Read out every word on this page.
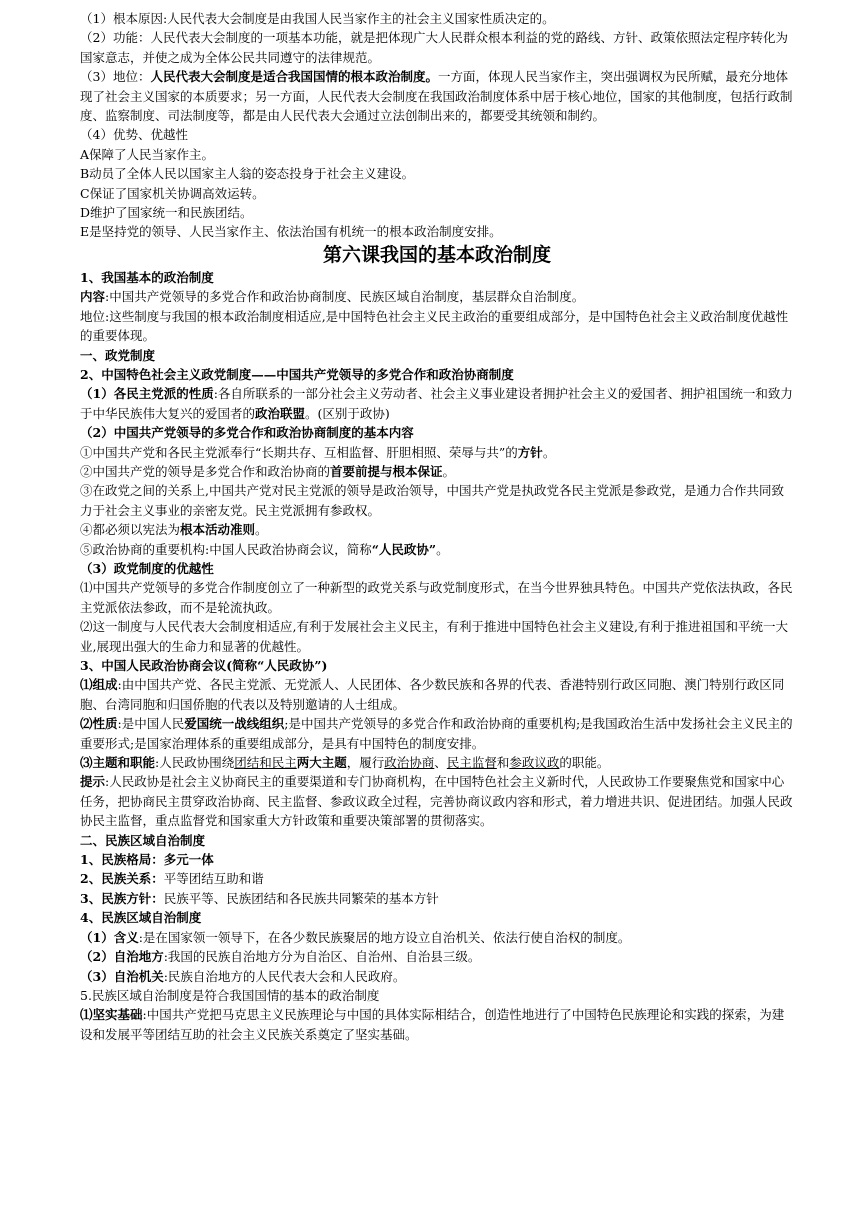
（1）根本原因:人民代表大会制度是由我国人民当家作主的社会主义国家性质决定的。

（2）功能：人民代表大会制度的一项基本功能，就是把体现广大人民群众根本利益的党的路线、方针、政策依照法定程序转化为国家意志，并使之成为全体公民共同遵守的法律规范。

（3）地位：人民代表大会制度是适合我国国情的根本政治制度。一方面，体现人民当家作主，突出强调权为民所赋，最充分地体现了社会主义国家的本质要求；另一方面，人民代表大会制度在我国政治制度体系中居于核心地位，国家的其他制度，包括行政制度、监察制度、司法制度等，都是由人民代表大会通过立法创制出来的，都要受其统领和制约。

（4）优势、优越性

A保障了人民当家作主。

B动员了全体人民以国家主人翁的姿态投身于社会主义建设。

C保证了国家机关协调高效运转。

D维护了国家统一和民族团结。

E是坚持党的领导、人民当家作主、依法治国有机统一的根本政治制度安排。

第六课我国的基本政治制度

1、我国基本的政治制度

内容:中国共产党领导的多党合作和政治协商制度、民族区域自治制度，基层群众自治制度。

地位:这些制度与我国的根本政治制度相适应,是中国特色社会主义民主政治的重要组成部分，是中国特色社会主义政治制度优越性的重要体现。

一、政党制度

2、中国特色社会主义政党制度——中国共产党领导的多党合作和政治协商制度

（1）各民主党派的性质:各自所联系的一部分社会主义劳动者、社会主义事业建设者拥护社会主义的爱国者、拥护祖国统一和致力于中华民族伟大复兴的爱国者的政治联盟。(区别于政协)

（2）中国共产党领导的多党合作和政治协商制度的基本内容

①中国共产党和各民主党派奉行“长期共存、互相监督、肝胆相照、荣辱与共”的方针。

②中国共产党的领导是多党合作和政治协商的首要前提与根本保证。

③在政党之间的关系上,中国共产党对民主党派的领导是政治领导，中国共产党是执政党各民主党派是参政党，是通力合作共同致力于社会主义事业的亲密友党。民主党派拥有参政权。

④都必须以宪法为根本活动准则。

⑤政治协商的重要机构:中国人民政治协商会议，简称“人民政协”。

（3）政党制度的优越性

⑴中国共产党领导的多党合作制度创立了一种新型的政党关系与政党制度形式，在当今世界独具特色。中国共产党依法执政，各民主党派依法参政，而不是轮流执政。

⑵这一制度与人民代表大会制度相适应,有利于发展社会主义民主，有利于推进中国特色社会主义建设,有利于推进祖国和平统一大业,展现出强大的生命力和显著的优越性。

3、中国人民政治协商会议(简称“人民政协”)

⑴组成:由中国共产党、各民主党派、无党派人、人民团体、各少数民族和各界的代表、香港特别行政区同胞、澳门特别行政区同胞、台湾同胞和归国侨胞的代表以及特别邀请的人士组成。

⑵性质:是中国人民爱国统一战线组织;是中国共产党领导的多党合作和政治协商的重要机构;是我国政治生活中发扬社会主义民主的重要形式;是国家治理体系的重要组成部分，是具有中国特色的制度安排。

⑶主题和职能:人民政协围绕团结和民主两大主题，履行政治协商、民主监督和参政议政的职能。

提示:人民政协是社会主义协商民主的重要渠道和专门协商机构，在中国特色社会主义新时代，人民政协工作要聚焦党和国家中心任务，把协商民主贯穿政治协商、民主监督、参政议政全过程，完善协商议政内容和形式，着力增进共识、促进团结。加强人民政协民主监督，重点监督党和国家重大方针政策和重要决策部署的贯彻落实。

二、民族区域自治制度

1、民族格局：多元一体

2、民族关系：平等团结互助和谐

3、民族方针：民族平等、民族团结和各民族共同繁荣的基本方针

4、民族区域自治制度

（1）含义:是在国家领一领导下，在各少数民族聚居的地方设立自治机关、依法行使自治权的制度。

（2）自治地方:我国的民族自治地方分为自治区、自治州、自治县三级。

（3）自治机关:民族自治地方的人民代表大会和人民政府。

5.民族区域自治制度是符合我国国情的基本的政治制度

⑴坚实基础:中国共产党把马克思主义民族理论与中国的具体实际相结合，创造性地进行了中国特色民族理论和实践的探索，为建设和发展平等团结互助的社会主义民族关系奠定了坚实基础。
